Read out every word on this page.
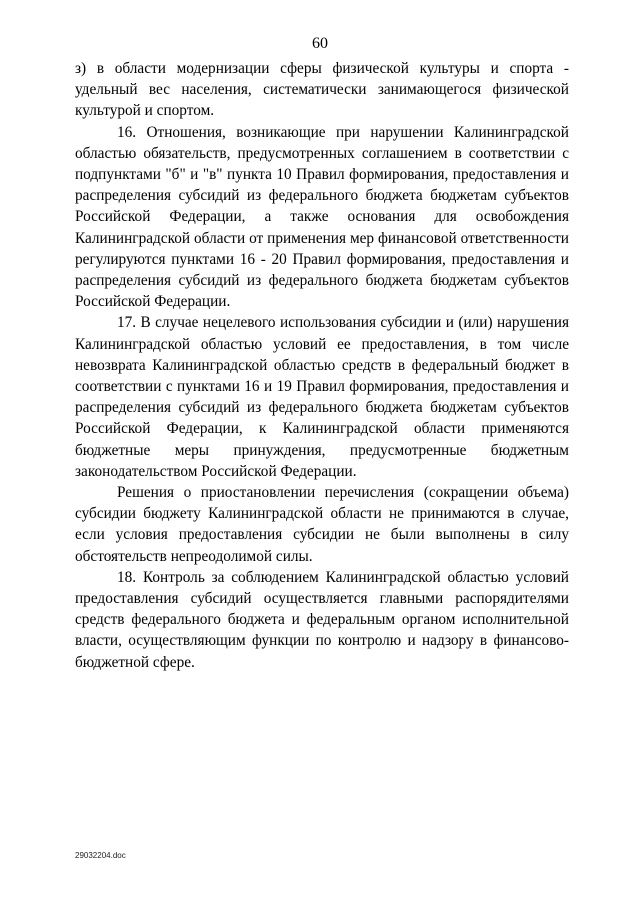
60

з) в области модернизации сферы физической культуры и спорта - удельный вес населения, систематически занимающегося физической культурой и спортом.

16. Отношения, возникающие при нарушении Калининградской областью обязательств, предусмотренных соглашением в соответствии с подпунктами "б" и "в" пункта 10 Правил формирования, предоставления и распределения субсидий из федерального бюджета бюджетам субъектов Российской Федерации, а также основания для освобождения Калининградской области от применения мер финансовой ответственности регулируются пунктами 16 - 20 Правил формирования, предоставления и распределения субсидий из федерального бюджета бюджетам субъектов Российской Федерации.

17. В случае нецелевого использования субсидии и (или) нарушения Калининградской областью условий ее предоставления, в том числе невозврата Калининградской областью средств в федеральный бюджет в соответствии с пунктами 16 и 19 Правил формирования, предоставления и распределения субсидий из федерального бюджета бюджетам субъектов Российской Федерации, к Калининградской области применяются бюджетные меры принуждения, предусмотренные бюджетным законодательством Российской Федерации.

Решения о приостановлении перечисления (сокращении объема) субсидии бюджету Калининградской области не принимаются в случае, если условия предоставления субсидии не были выполнены в силу обстоятельств непреодолимой силы.

18. Контроль за соблюдением Калининградской областью условий предоставления субсидий осуществляется главными распорядителями средств федерального бюджета и федеральным органом исполнительной власти, осуществляющим функции по контролю и надзору в финансово-бюджетной сфере.

29032204.doc
